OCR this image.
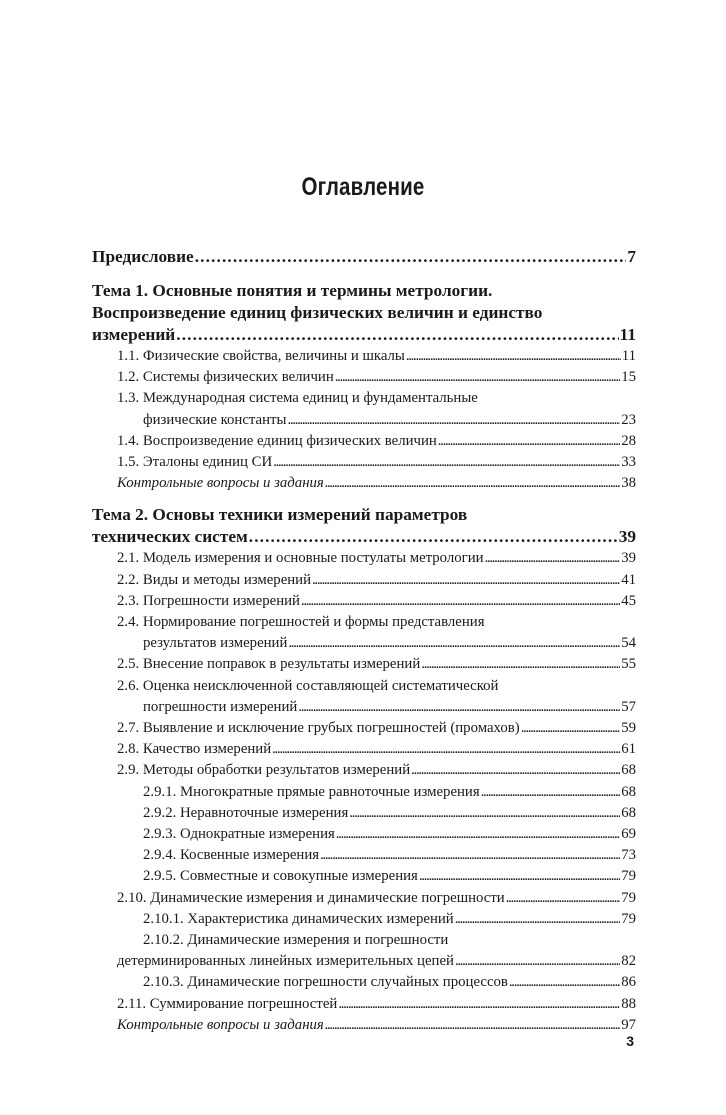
Оглавление
Предисловие . . .	7
Тема 1. Основные понятия и термины метрологии.
Воспроизведение единиц физических величин и единство
измерений . . .	11
1.1. Физические свойства, величины и шкалы . . .	11
1.2. Системы физических величин . . .	15
1.3. Международная система единиц и фундаментальные
физические константы . . .	23
1.4. Воспроизведение единиц физических величин . . .	28
1.5. Эталоны единиц СИ . . .	33
Контрольные вопросы и задания . . .	38
Тема 2. Основы техники измерений параметров
технических систем . . .	39
2.1. Модель измерения и основные постулаты метрологии . . .	39
2.2. Виды и методы измерений . . .	41
2.3. Погрешности измерений . . .	45
2.4. Нормирование погрешностей и формы представления
результатов измерений . . .	54
2.5. Внесение поправок в результаты измерений . . .	55
2.6. Оценка неисключенной составляющей систематической
погрешности измерений . . .	57
2.7. Выявление и исключение грубых погрешностей (промахов) . . .	59
2.8. Качество измерений . . .	61
2.9. Методы обработки результатов измерений . . .	68
2.9.1. Многократные прямые равноточные измерения . . .	68
2.9.2. Неравноточные измерения . . .	68
2.9.3. Однократные измерения . . .	69
2.9.4. Косвенные измерения . . .	73
2.9.5. Совместные и совокупные измерения . . .	79
2.10. Динамические измерения и динамические погрешности . . .	79
2.10.1. Характеристика динамических измерений . . .	79
2.10.2. Динамические измерения и погрешности
детерминированных линейных измерительных цепей . . .	82
2.10.3. Динамические погрешности случайных процессов . . .	86
2.11. Суммирование погрешностей . . .	88
Контрольные вопросы и задания . . .	97
3
